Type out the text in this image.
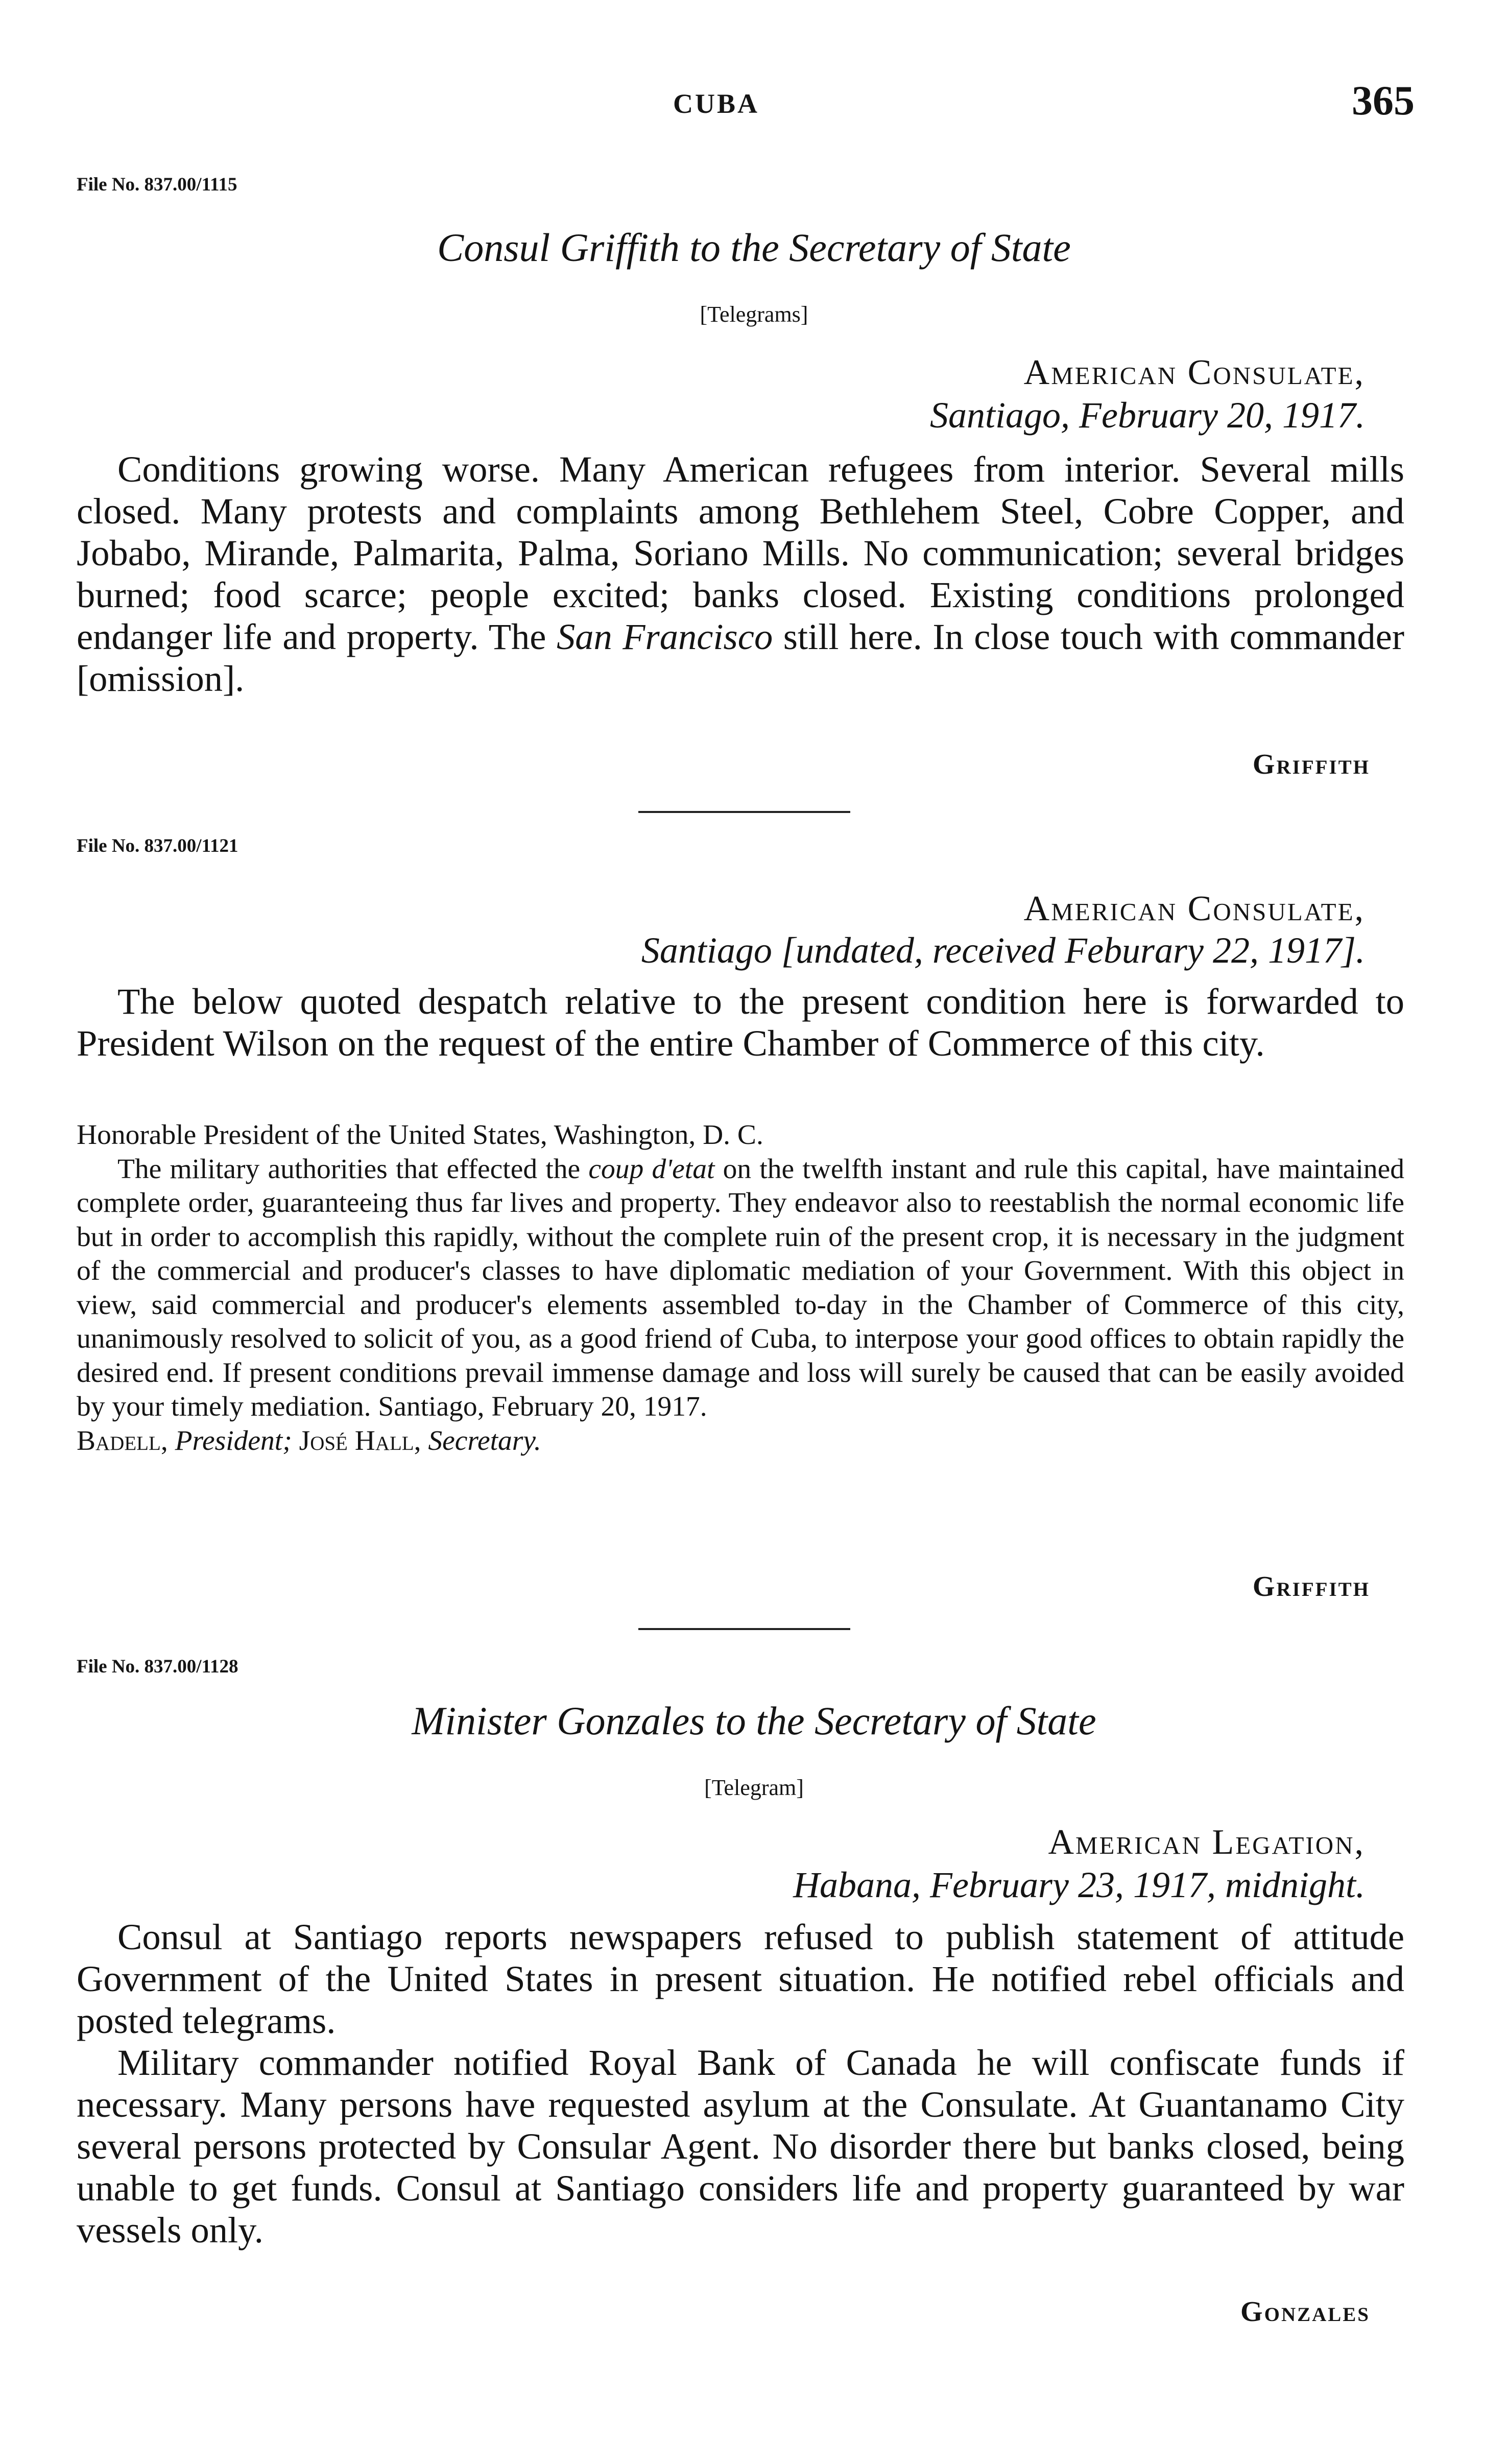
CUBA	365
File No. 837.00/1115
Consul Griffith to the Secretary of State
[Telegrams]
American Consulate,
Santiago, February 20, 1917.
Conditions growing worse. Many American refugees from interior. Several mills closed. Many protests and complaints among Bethlehem Steel, Cobre Copper, and Jobabo, Mirande, Palmarita, Palma, Soriano Mills. No communication; several bridges burned; food scarce; people excited; banks closed. Existing conditions prolonged endanger life and property. The San Francisco still here. In close touch with commander [omission].
Griffith
File No. 837.00/1121
American Consulate,
Santiago [undated, received Feburary 22, 1917].
The below quoted despatch relative to the present condition here is forwarded to President Wilson on the request of the entire Chamber of Commerce of this city.

Honorable President of the United States, Washington, D. C.

The military authorities that effected the coup d'etat on the twelfth instant and rule this capital, have maintained complete order, guaranteeing thus far lives and property. They endeavor also to reestablish the normal economic life but in order to accomplish this rapidly, without the complete ruin of the present crop, it is necessary in the judgment of the commercial and producer's classes to have diplomatic mediation of your Government. With this object in view, said commercial and producer's elements assembled to-day in the Chamber of Commerce of this city, unanimously resolved to solicit of you, as a good friend of Cuba, to interpose your good offices to obtain rapidly the desired end. If present conditions prevail immense damage and loss will surely be caused that can be easily avoided by your timely mediation. Santiago, February 20, 1917.

Badell, President; José Hall, Secretary.

Griffith
File No. 837.00/1128
Minister Gonzales to the Secretary of State
[Telegram]
American Legation,
Habana, February 23, 1917, midnight.

Consul at Santiago reports newspapers refused to publish statement of attitude Government of the United States in present situation. He notified rebel officials and posted telegrams.

Military commander notified Royal Bank of Canada he will confiscate funds if necessary. Many persons have requested asylum at the Consulate. At Guantanamo City several persons protected by Consular Agent. No disorder there but banks closed, being unable to get funds. Consul at Santiago considers life and property guaranteed by war vessels only.

Gonzales
